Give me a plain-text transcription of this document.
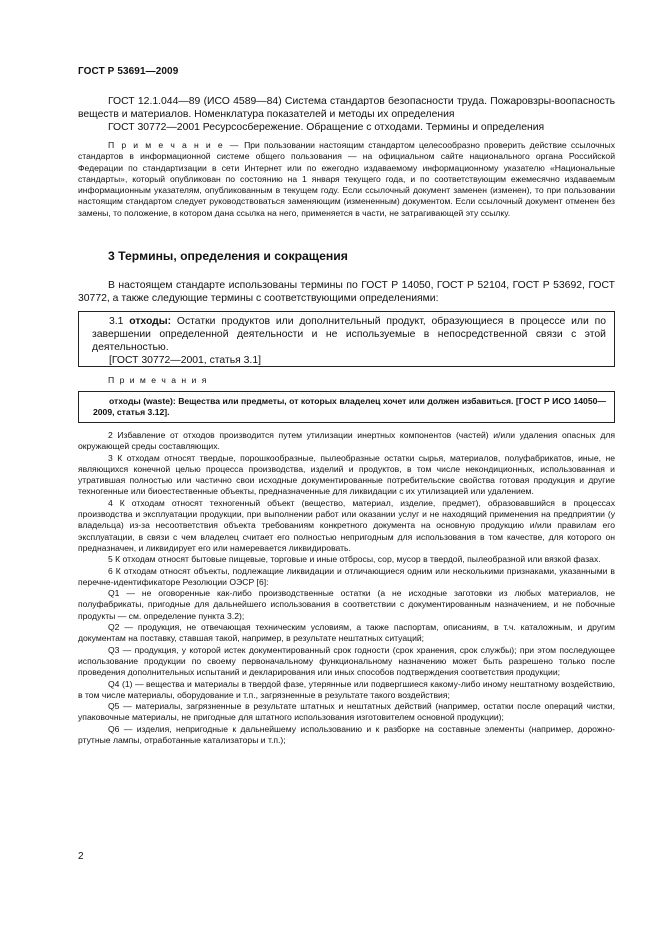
ГОСТ Р 53691—2009

ГОСТ 12.1.044—89 (ИСО 4589—84) Система стандартов безопасности труда. Пожаровзры-воопасность веществ и материалов. Номенклатура показателей и методы их определения

ГОСТ 30772—2001 Ресурсосбережение. Обращение с отходами. Термины и определения

П р и м е ч а н и е — При пользовании настоящим стандартом целесообразно проверить действие ссылочных стандартов в информационной системе общего пользования — на официальном сайте национального органа Российской Федерации по стандартизации в сети Интернет или по ежегодно издаваемому информационному указателю «Национальные стандарты», который опубликован по состоянию на 1 января текущего года, и по соответствующим ежемесячно издаваемым информационным указателям, опубликованным в текущем году. Если ссылочный документ заменен (изменен), то при пользовании настоящим стандартом следует руководствоваться заменяющим (измененным) документом. Если ссылочный документ отменен без замены, то положение, в котором дана ссылка на него, применяется в части, не затрагивающей эту ссылку.

3 Термины, определения и сокращения

В настоящем стандарте использованы термины по ГОСТ Р 14050, ГОСТ Р 52104, ГОСТ Р 53692, ГОСТ 30772, а также следующие термины с соответствующими определениями:

3.1 отходы: Остатки продуктов или дополнительный продукт, образующиеся в процессе или по завершении определенной деятельности и не используемые в непосредственной связи с этой деятельностью.

[ГОСТ 30772—2001, статья 3.1]

П р и м е ч а н и я

отходы (waste): Вещества или предметы, от которых владелец хочет или должен избавиться. [ГОСТ Р ИСО 14050—2009, статья 3.12].

2 Избавление от отходов производится путем утилизации инертных компонентов (частей) и/или удаления опасных для окружающей среды составляющих.

3 К отходам относят твердые, порошкообразные, пылеобразные остатки сырья, материалов, полуфабрикатов, иные, не являющихся конечной целью процесса производства, изделий и продуктов, в том числе некондиционных, использованная и утратившая полностью или частично свои исходные документированные потребительские свойства готовая продукция и другие техногенные или биоестественные объекты, предназначенные для ликвидации с их утилизацией или удалением.

4 К отходам относят техногенный объект (вещество, материал, изделие, предмет), образовавшийся в процессах производства и эксплуатации продукции, при выполнении работ или оказании услуг и не находящий применения на предприятии (у владельца) из-за несоответствия объекта требованиям конкретного документа на основную продукцию и/или правилам его эксплуатации, в связи с чем владелец считает его полностью непригодным для использования в том качестве, для которого он предназначен, и ликвидирует его или намеревается ликвидировать.

5 К отходам относят бытовые пищевые, торговые и иные отбросы, сор, мусор в твердой, пылеобразной или вязкой фазах.

6 К отходам относят объекты, подлежащие ликвидации и отличающиеся одним или несколькими признаками, указанными в перечне-идентификаторе Резолюции ОЭСР [6]:

Q1 — не оговоренные как-либо производственные остатки (а не исходные заготовки из любых материалов, не полуфабрикаты, пригодные для дальнейшего использования в соответствии с документированным назначением, и не побочные продукты — см. определение пункта 3.2);

Q2 — продукция, не отвечающая техническим условиям, а также паспортам, описаниям, в т.ч. каталожным, и другим документам на поставку, ставшая такой, например, в результате нештатных ситуаций;

Q3 — продукция, у которой истек документированный срок годности (срок хранения, срок службы); при этом последующее использование продукции по своему первоначальному функциональному назначению может быть разрешено только после проведения дополнительных испытаний и декларирования или иных способов подтверждения соответствия продукции;

Q4 (1) — вещества и материалы в твердой фазе, утерянные или подвергшиеся какому-либо иному нештатному воздействию, в том числе материалы, оборудование и т.п., загрязненные в результате такого воздействия;

Q5 — материалы, загрязненные в результате штатных и нештатных действий (например, остатки после операций чистки, упаковочные материалы, не пригодные для штатного использования изготовителем основной продукции);

Q6 — изделия, непригодные к дальнейшему использованию и к разборке на составные элементы (например, дорожно-ртутные лампы, отработанные катализаторы и т.п.);

2
